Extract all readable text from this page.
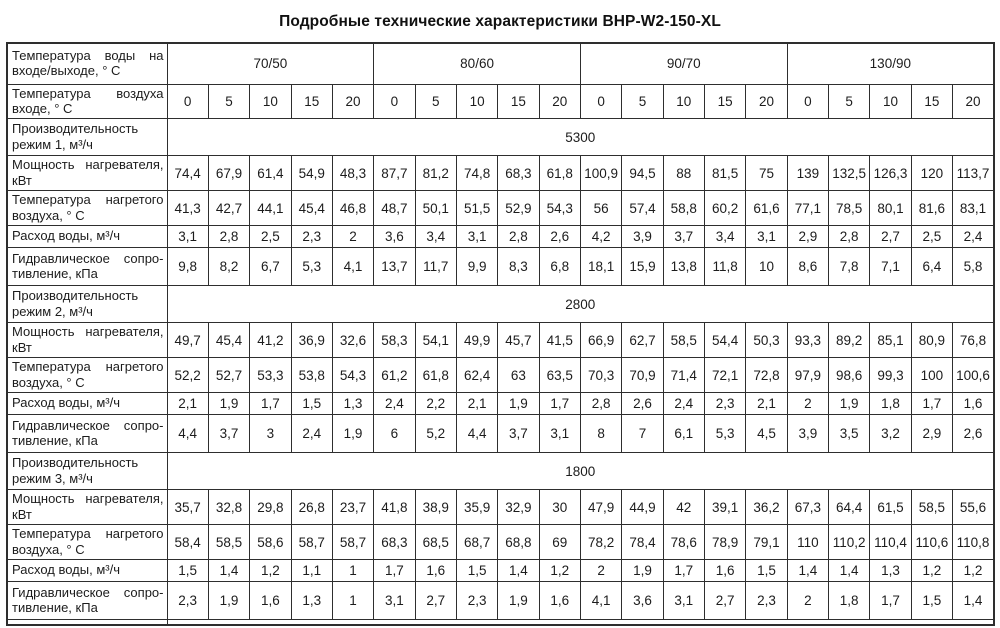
Подробные технические характеристики BHP-W2-150-XL
Температура воды на входе/выходе, ° С	70/50					80/60					90/70					130/90				
Температура воздуха входе, ° С	0	5	10	15	20	0	5	10	15	20	0	5	10	15	20	0	5	10	15	20
Производительность режим 1, м³/ч	5300																			
Мощность нагревателя, кВт	74,4	67,9	61,4	54,9	48,3	87,7	81,2	74,8	68,3	61,8	100,9	94,5	88	81,5	75	139	132,5	126,3	120	113,7
Температура нагретого воздуха, ° С	41,3	42,7	44,1	45,4	46,8	48,7	50,1	51,5	52,9	54,3	56	57,4	58,8	60,2	61,6	77,1	78,5	80,1	81,6	83,1
Расход воды, м³/ч	3,1	2,8	2,5	2,3	2	3,6	3,4	3,1	2,8	2,6	4,2	3,9	3,7	3,4	3,1	2,9	2,8	2,7	2,5	2,4
Гидравлическое сопротивление, кПа	9,8	8,2	6,7	5,3	4,1	13,7	11,7	9,9	8,3	6,8	18,1	15,9	13,8	11,8	10	8,6	7,8	7,1	6,4	5,8
Производительность режим 2, м³/ч	2800																			
Мощность нагревателя, кВт	49,7	45,4	41,2	36,9	32,6	58,3	54,1	49,9	45,7	41,5	66,9	62,7	58,5	54,4	50,3	93,3	89,2	85,1	80,9	76,8
Температура нагретого воздуха, ° С	52,2	52,7	53,3	53,8	54,3	61,2	61,8	62,4	63	63,5	70,3	70,9	71,4	72,1	72,8	97,9	98,6	99,3	100	100,6
Расход воды, м³/ч	2,1	1,9	1,7	1,5	1,3	2,4	2,2	2,1	1,9	1,7	2,8	2,6	2,4	2,3	2,1	2	1,9	1,8	1,7	1,6
Гидравлическое сопротивление, кПа	4,4	3,7	3	2,4	1,9	6	5,2	4,4	3,7	3,1	8	7	6,1	5,3	4,5	3,9	3,5	3,2	2,9	2,6
Производительность режим 3, м³/ч	1800																			
Мощность нагревателя, кВт	35,7	32,8	29,8	26,8	23,7	41,8	38,9	35,9	32,9	30	47,9	44,9	42	39,1	36,2	67,3	64,4	61,5	58,5	55,6
Температура нагретого воздуха, ° С	58,4	58,5	58,6	58,7	58,7	68,3	68,5	68,7	68,8	69	78,2	78,4	78,6	78,9	79,1	110	110,2	110,4	110,6	110,8
Расход воды, м³/ч	1,5	1,4	1,2	1,1	1	1,7	1,6	1,5	1,4	1,2	2	1,9	1,7	1,6	1,5	1,4	1,4	1,3	1,2	1,2
Гидравлическое сопротивление, кПа	2,3	1,9	1,6	1,3	1	3,1	2,7	2,3	1,9	1,6	4,1	3,6	3,1	2,7	2,3	2	1,8	1,7	1,5	1,4
